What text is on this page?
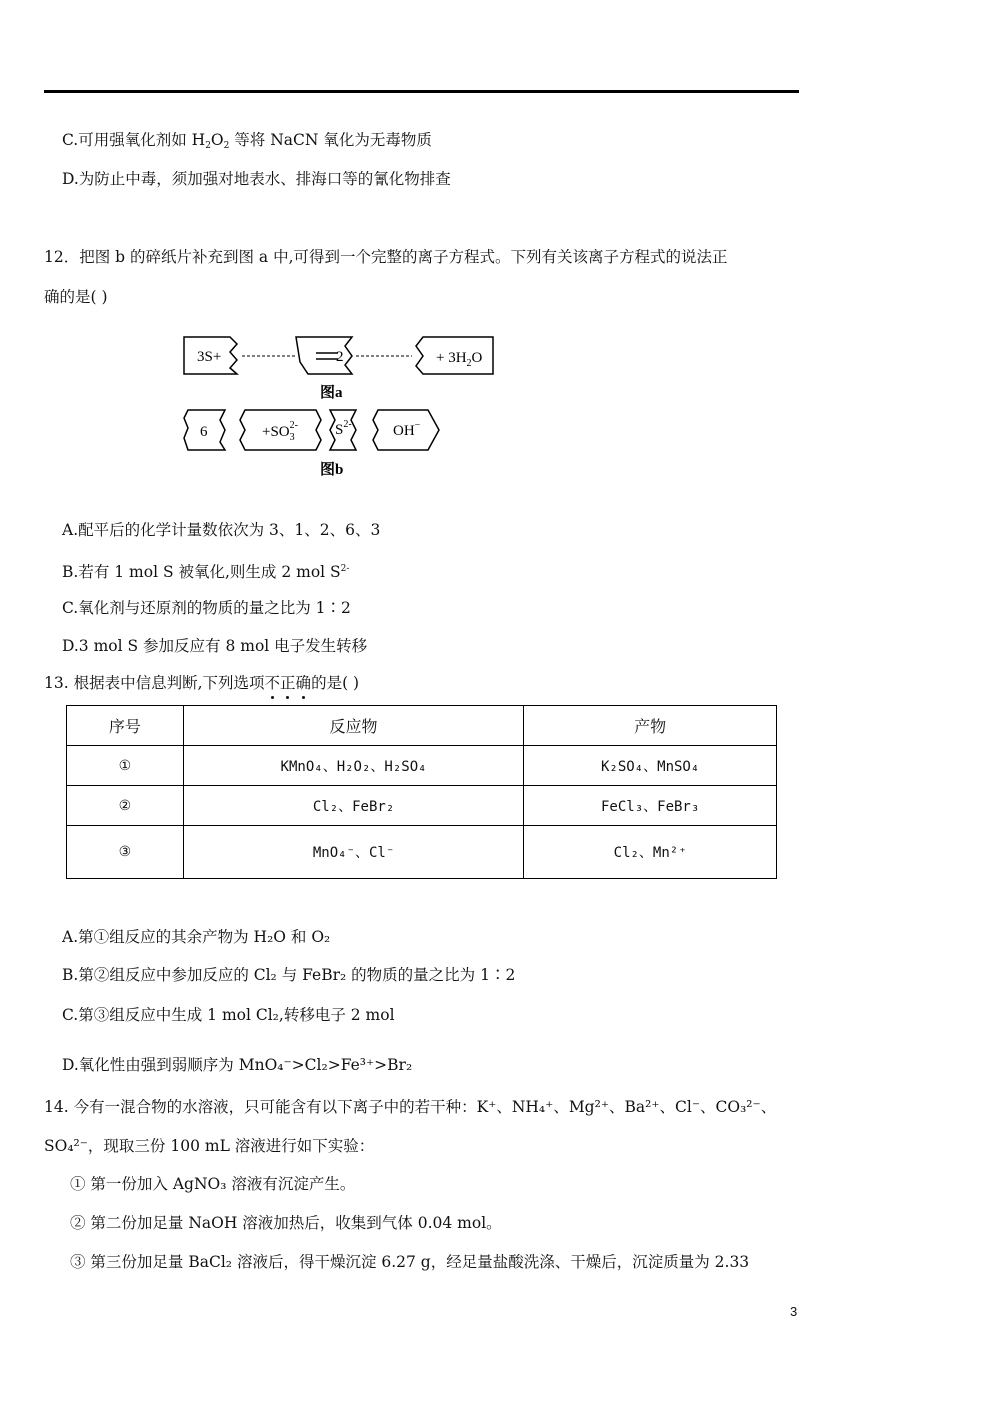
C.可用强氧化剂如 $H_2O_2$ 等将 NaCN 氧化为无毒物质
D.为防止中毒，须加强对地表水、排海口等的氰化物排查
12．把图 b 的碎纸片补充到图 a 中,可得到一个完整的离子方程式。下列有关该离子方程式的说法正
确的是( )
3S+	2	+ $3H_2O$
图a
6	$+SO_32-$ $S^{2-}$	OH−
图b
A.配平后的化学计量数依次为 3、1、2、6、3
B.若有 1 mol S 被氧化,则生成 2 mol $S^{2-}$
C.氧化剂与还原剂的物质的量之比为 1∶2
D.3 mol S 参加反应有 8 mol 电子发生转移
13. 根据表中信息判断,下列选项不
正
确
的是( )
序号	反应物	产物
①	KMnO₄、H₂O₂、H₂SO₄	K₂SO₄、MnSO₄
②	Cl₂、FeBr₂	FeCl₃、FeBr₃
③	MnO₄⁻、Cl⁻	Cl₂、Mn²⁺
A.第①组反应的其余产物为 H₂O 和 O₂
B.第②组反应中参加反应的 Cl₂ 与 FeBr₂ 的物质的量之比为 1∶2
C.第③组反应中生成 1 mol Cl₂,转移电子 2 mol
D.氧化性由强到弱顺序为 MnO₄⁻>Cl₂>Fe³⁺>Br₂
14. 今有一混合物的水溶液，只可能含有以下离子中的若干种：K⁺、NH₄⁺、Mg²⁺、Ba²⁺、Cl⁻、CO₃²⁻、
SO₄²⁻，现取三份 100 mL 溶液进行如下实验：
① 第一份加入 AgNO₃ 溶液有沉淀产生。
② 第二份加足量 NaOH 溶液加热后，收集到气体 0.04 mol。
③ 第三份加足量 BaCl₂ 溶液后，得干燥沉淀 6.27 g，经足量盐酸洗涤、干燥后，沉淀质量为 2.33
3
